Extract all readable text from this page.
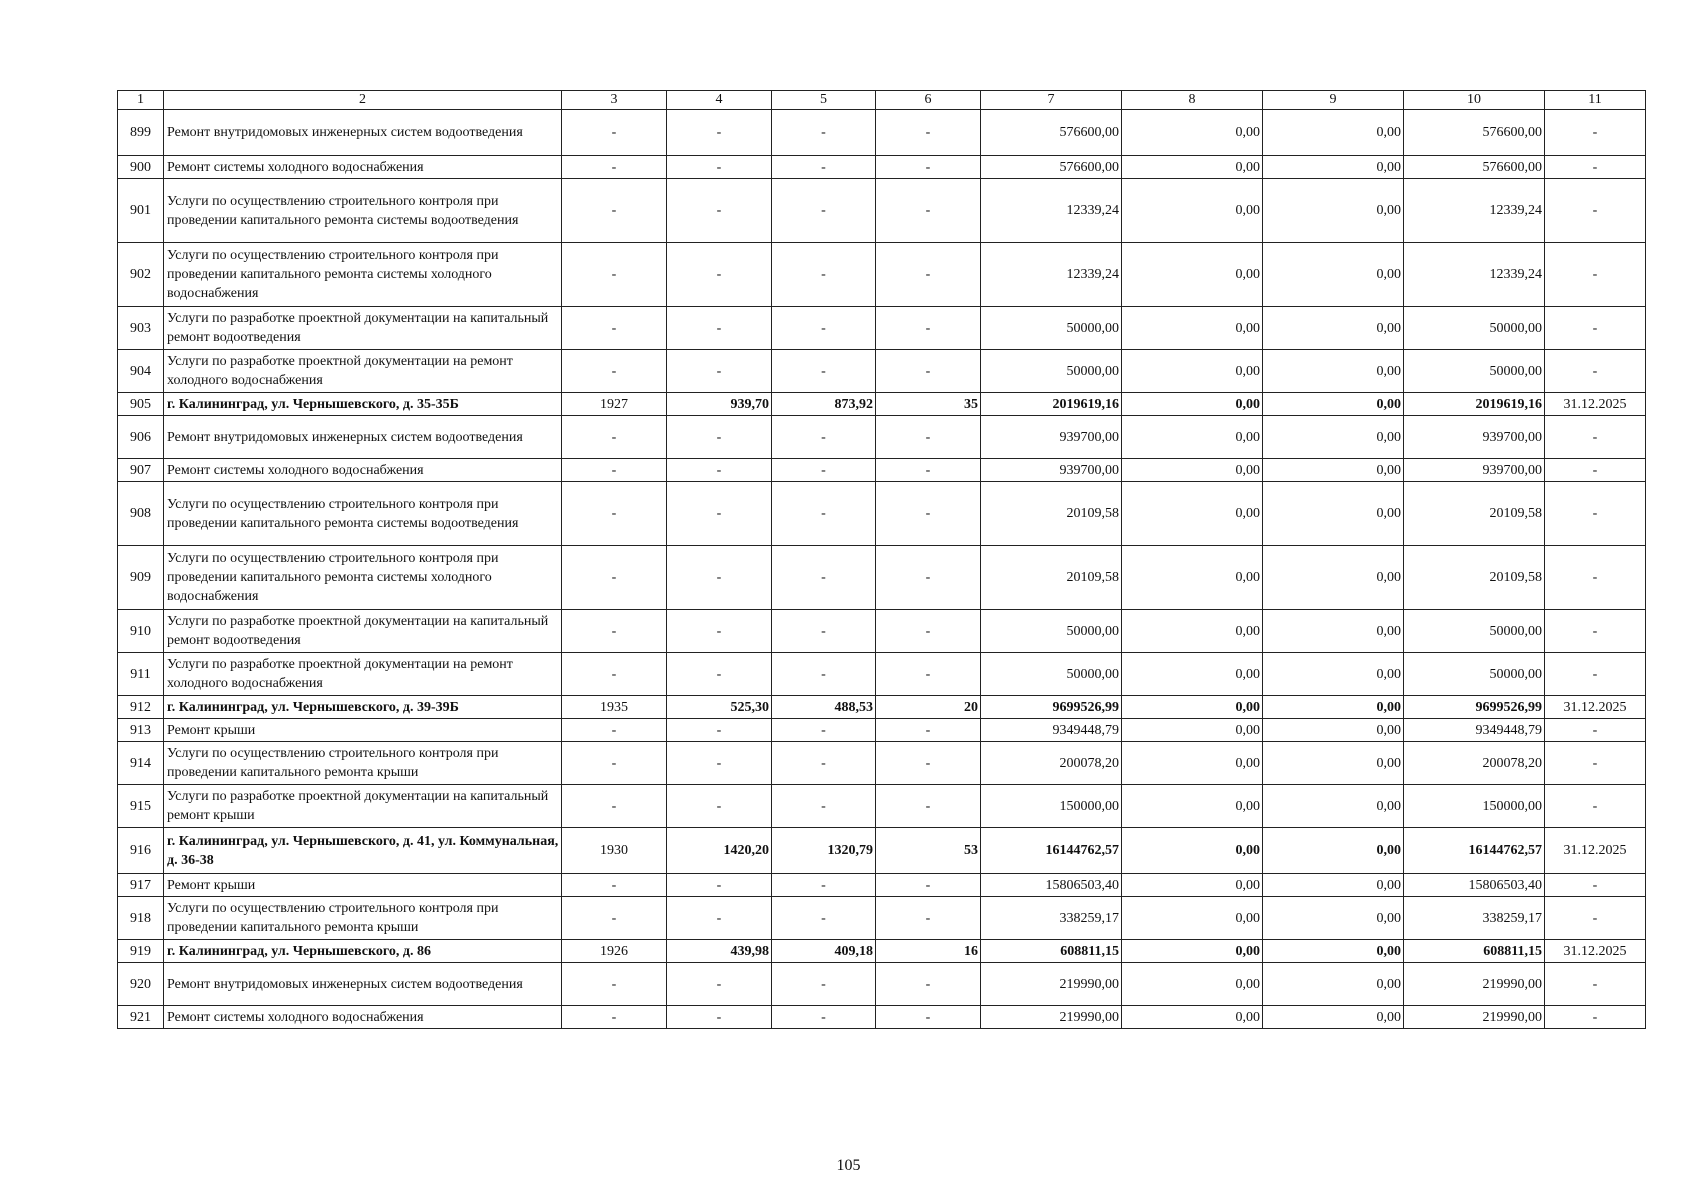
1	2	3	4	5	6	7	8	9	10	11
899	Ремонт внутридомовых инженерных систем водоотведения	-	-	-	-	576600,00	0,00	0,00	576600,00	-
900	Ремонт системы холодного водоснабжения	-	-	-	-	576600,00	0,00	0,00	576600,00	-
901	Услуги по осуществлению строительного контроля при проведении капитального ремонта системы водоотведения	-	-	-	-	12339,24	0,00	0,00	12339,24	-
902	Услуги по осуществлению строительного контроля при проведении капитального ремонта системы холодного водоснабжения	-	-	-	-	12339,24	0,00	0,00	12339,24	-
903	Услуги по разработке проектной документации на капитальный ремонт водоотведения	-	-	-	-	50000,00	0,00	0,00	50000,00	-
904	Услуги по разработке проектной документации на ремонт холодного водоснабжения	-	-	-	-	50000,00	0,00	0,00	50000,00	-
905	г. Калининград, ул. Чернышевского, д. 35-35Б	1927	939,70	873,92	35	2019619,16	0,00	0,00	2019619,16	31.12.2025
906	Ремонт внутридомовых инженерных систем водоотведения	-	-	-	-	939700,00	0,00	0,00	939700,00	-
907	Ремонт системы холодного водоснабжения	-	-	-	-	939700,00	0,00	0,00	939700,00	-
908	Услуги по осуществлению строительного контроля при проведении капитального ремонта системы водоотведения	-	-	-	-	20109,58	0,00	0,00	20109,58	-
909	Услуги по осуществлению строительного контроля при проведении капитального ремонта системы холодного водоснабжения	-	-	-	-	20109,58	0,00	0,00	20109,58	-
910	Услуги по разработке проектной документации на капитальный ремонт водоотведения	-	-	-	-	50000,00	0,00	0,00	50000,00	-
911	Услуги по разработке проектной документации на ремонт холодного водоснабжения	-	-	-	-	50000,00	0,00	0,00	50000,00	-
912	г. Калининград, ул. Чернышевского, д. 39-39Б	1935	525,30	488,53	20	9699526,99	0,00	0,00	9699526,99	31.12.2025
913	Ремонт крыши	-	-	-	-	9349448,79	0,00	0,00	9349448,79	-
914	Услуги по осуществлению строительного контроля при проведении капитального ремонта крыши	-	-	-	-	200078,20	0,00	0,00	200078,20	-
915	Услуги по разработке проектной документации на капитальный ремонт крыши	-	-	-	-	150000,00	0,00	0,00	150000,00	-
916	г. Калининград, ул. Чернышевского, д. 41, ул. Коммунальная, д. 36-38	1930	1420,20	1320,79	53	16144762,57	0,00	0,00	16144762,57	31.12.2025
917	Ремонт крыши	-	-	-	-	15806503,40	0,00	0,00	15806503,40	-
918	Услуги по осуществлению строительного контроля при проведении капитального ремонта крыши	-	-	-	-	338259,17	0,00	0,00	338259,17	-
919	г. Калининград, ул. Чернышевского, д. 86	1926	439,98	409,18	16	608811,15	0,00	0,00	608811,15	31.12.2025
920	Ремонт внутридомовых инженерных систем водоотведения	-	-	-	-	219990,00	0,00	0,00	219990,00	-
921	Ремонт системы холодного водоснабжения	-	-	-	-	219990,00	0,00	0,00	219990,00	-
105
